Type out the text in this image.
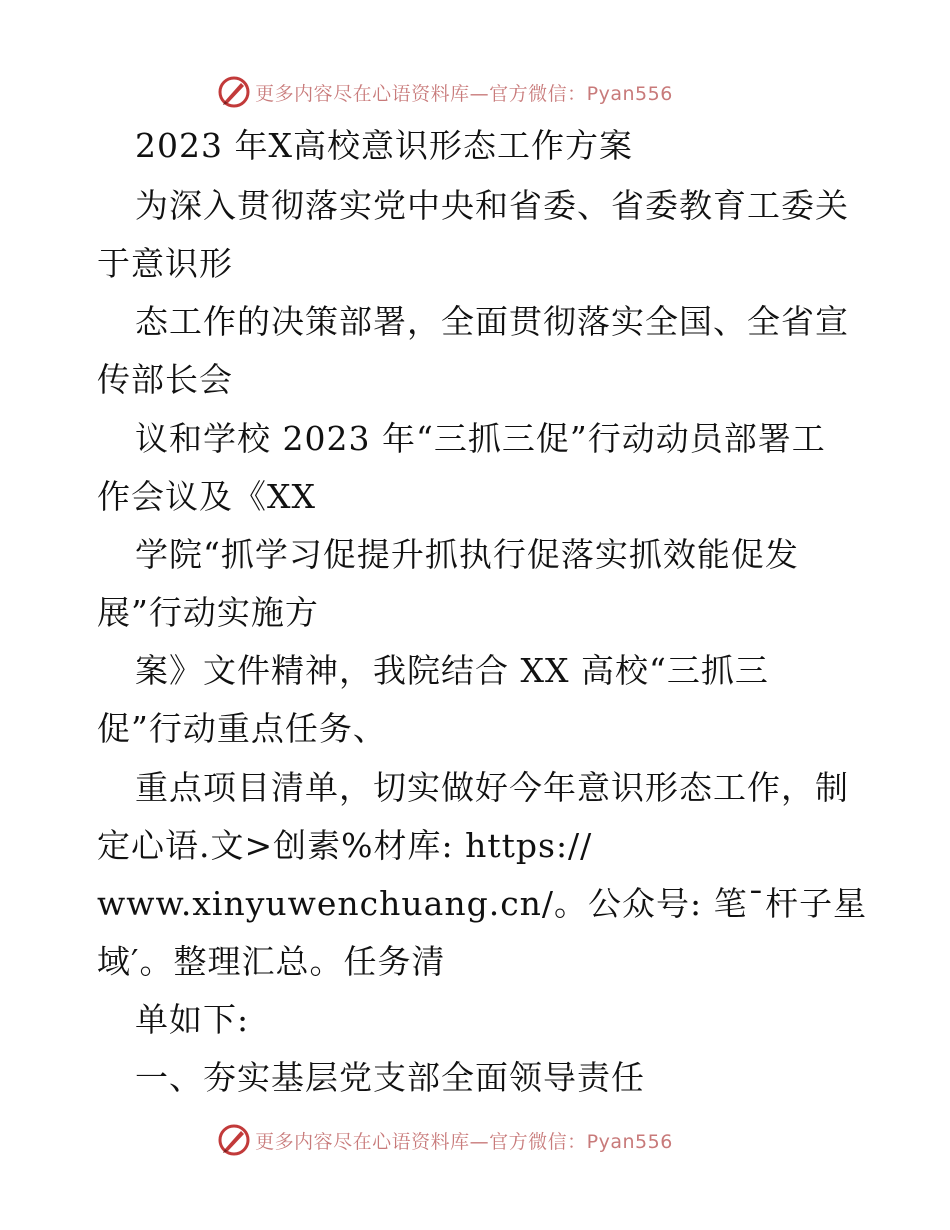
更多内容尽在心语资料库—官方微信：Pyan556
2023 年X高校意识形态工作方案
为深入贯彻落实党中央和省委、省委教育工委关
于意识形
态工作的决策部署，全面贯彻落实全国、全省宣
传部长会
议和学校 2023 年“三抓三促”行动动员部署工
作会议及《XX
学院“抓学习促提升抓执行促落实抓效能促发
展”行动实施方
案》文件精神，我院结合 XX 高校“三抓三
促”行动重点任务、
重点项目清单，切实做好今年意识形态工作，制
定心语.文>创素%材库: https://
www.xinyuwenchuang.cn/。公众号: 笔¯杆子星
域′。整理汇总。任务清
单如下:
一、夯实基层党支部全面领导责任
更多内容尽在心语资料库—官方微信：Pyan556
